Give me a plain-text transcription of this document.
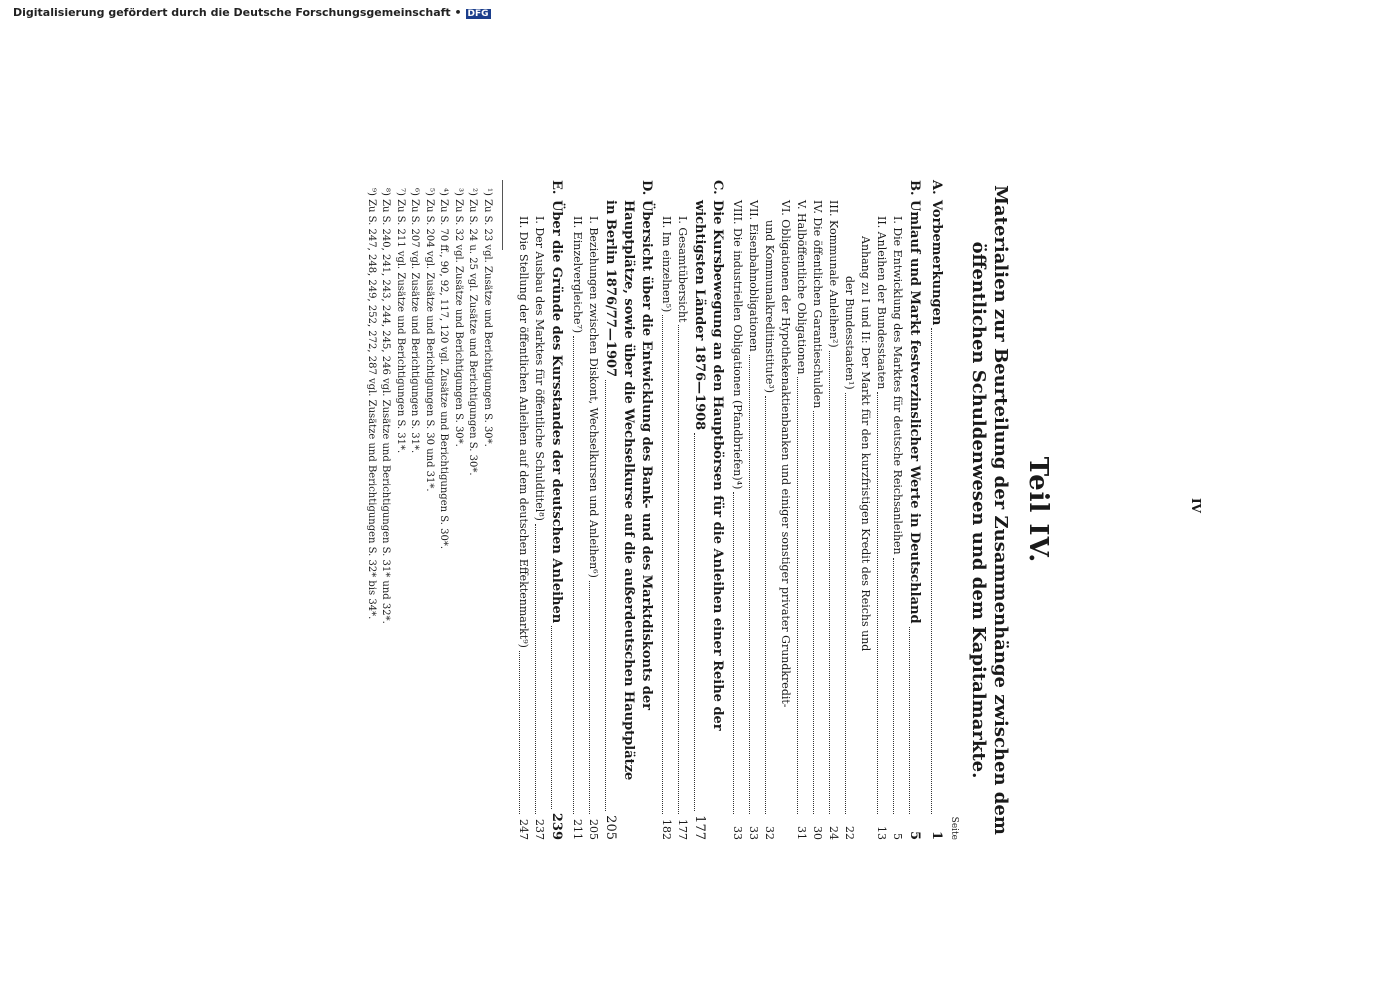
IV
Teil IV.
Materialien zur Beurteilung der Zusammenhänge zwischen dem öffentlichen Schuldenwesen und dem Kapitalmarkte.
Seite
A.Vorbemerkungen
1
B.Umlauf und Markt festverzinslicher Werte in Deutschland
5
I. Die Entwicklung des Marktes für deutsche Reichsanleihen
5
II. Anleihen der Bundesstaaten
13
Anhang zu I und II: Der Markt für den kurzfristigen Kredit des Reichs und
der Bundesstaaten¹)
22
III. Kommunale Anleihen²)
24
IV. Die öffentlichen Garantieschulden
30
V. Halböffentliche Obligationen
31
VI. Obligationen der Hypothekenaktienbanken und einiger sonstiger privater Grundkredit-
und Kommunalkreditinstitute³)
32
VII. Eisenbahnobligationen
33
VIII. Die industriellen Obligationen (Pfandbriefen)⁴)
33
C.Die Kursbewegung an den Hauptbörsen für die Anleihen einer Reihe der
wichtigsten Länder 1876—1908
177
I. Gesamtübersicht
177
II. Im einzelnen⁵)
182
D.Übersicht über die Entwicklung des Bank- und des Marktdiskonts der
Hauptplätze, sowie über die Wechselkurse auf die außerdeutschen Hauptplätze
in Berlin 1876/77—1907
205
I. Beziehungen zwischen Diskont, Wechselkursen und Anleihen⁶)
205
II. Einzelvergleiche⁷)
211
E.Über die Gründe des Kursstandes der deutschen Anleihen
239
I. Der Ausbau des Marktes für öffentliche Schuldtitel⁸)
237
II. Die Stellung der öffentlichen Anleihen auf dem deutschen Effektenmarkt⁹)
247
¹) Zu S. 23 vgl. Zusätze und Berichtigungen S. 30*.
²) Zu S. 24 u. 25 vgl. Zusätze und Berichtigungen S. 30*.
³) Zu S. 32 vgl. Zusätze und Berichtigungen S. 30*.
⁴) Zu S. 70 ff., 90, 92, 117, 120 vgl. Zusätze und Berichtigungen S. 30*.
⁵) Zu S. 204 vgl. Zusätze und Berichtigungen S. 30 und 31*.
⁶) Zu S. 207 vgl. Zusätze und Berichtigungen S. 31*.
⁷) Zu S. 211 vgl. Zusätze und Berichtigungen S. 31*.
⁸) Zu S. 240, 241, 243, 244, 245, 246 vgl. Zusätze und Berichtigungen S. 31* und 32*.
⁹) Zu S. 247, 248, 249, 252, 272, 287 vgl. Zusätze und Berichtigungen S. 32* bis 34*.
Digitalisierung gefördert durch die Deutsche Forschungsgemeinschaft • DFG
